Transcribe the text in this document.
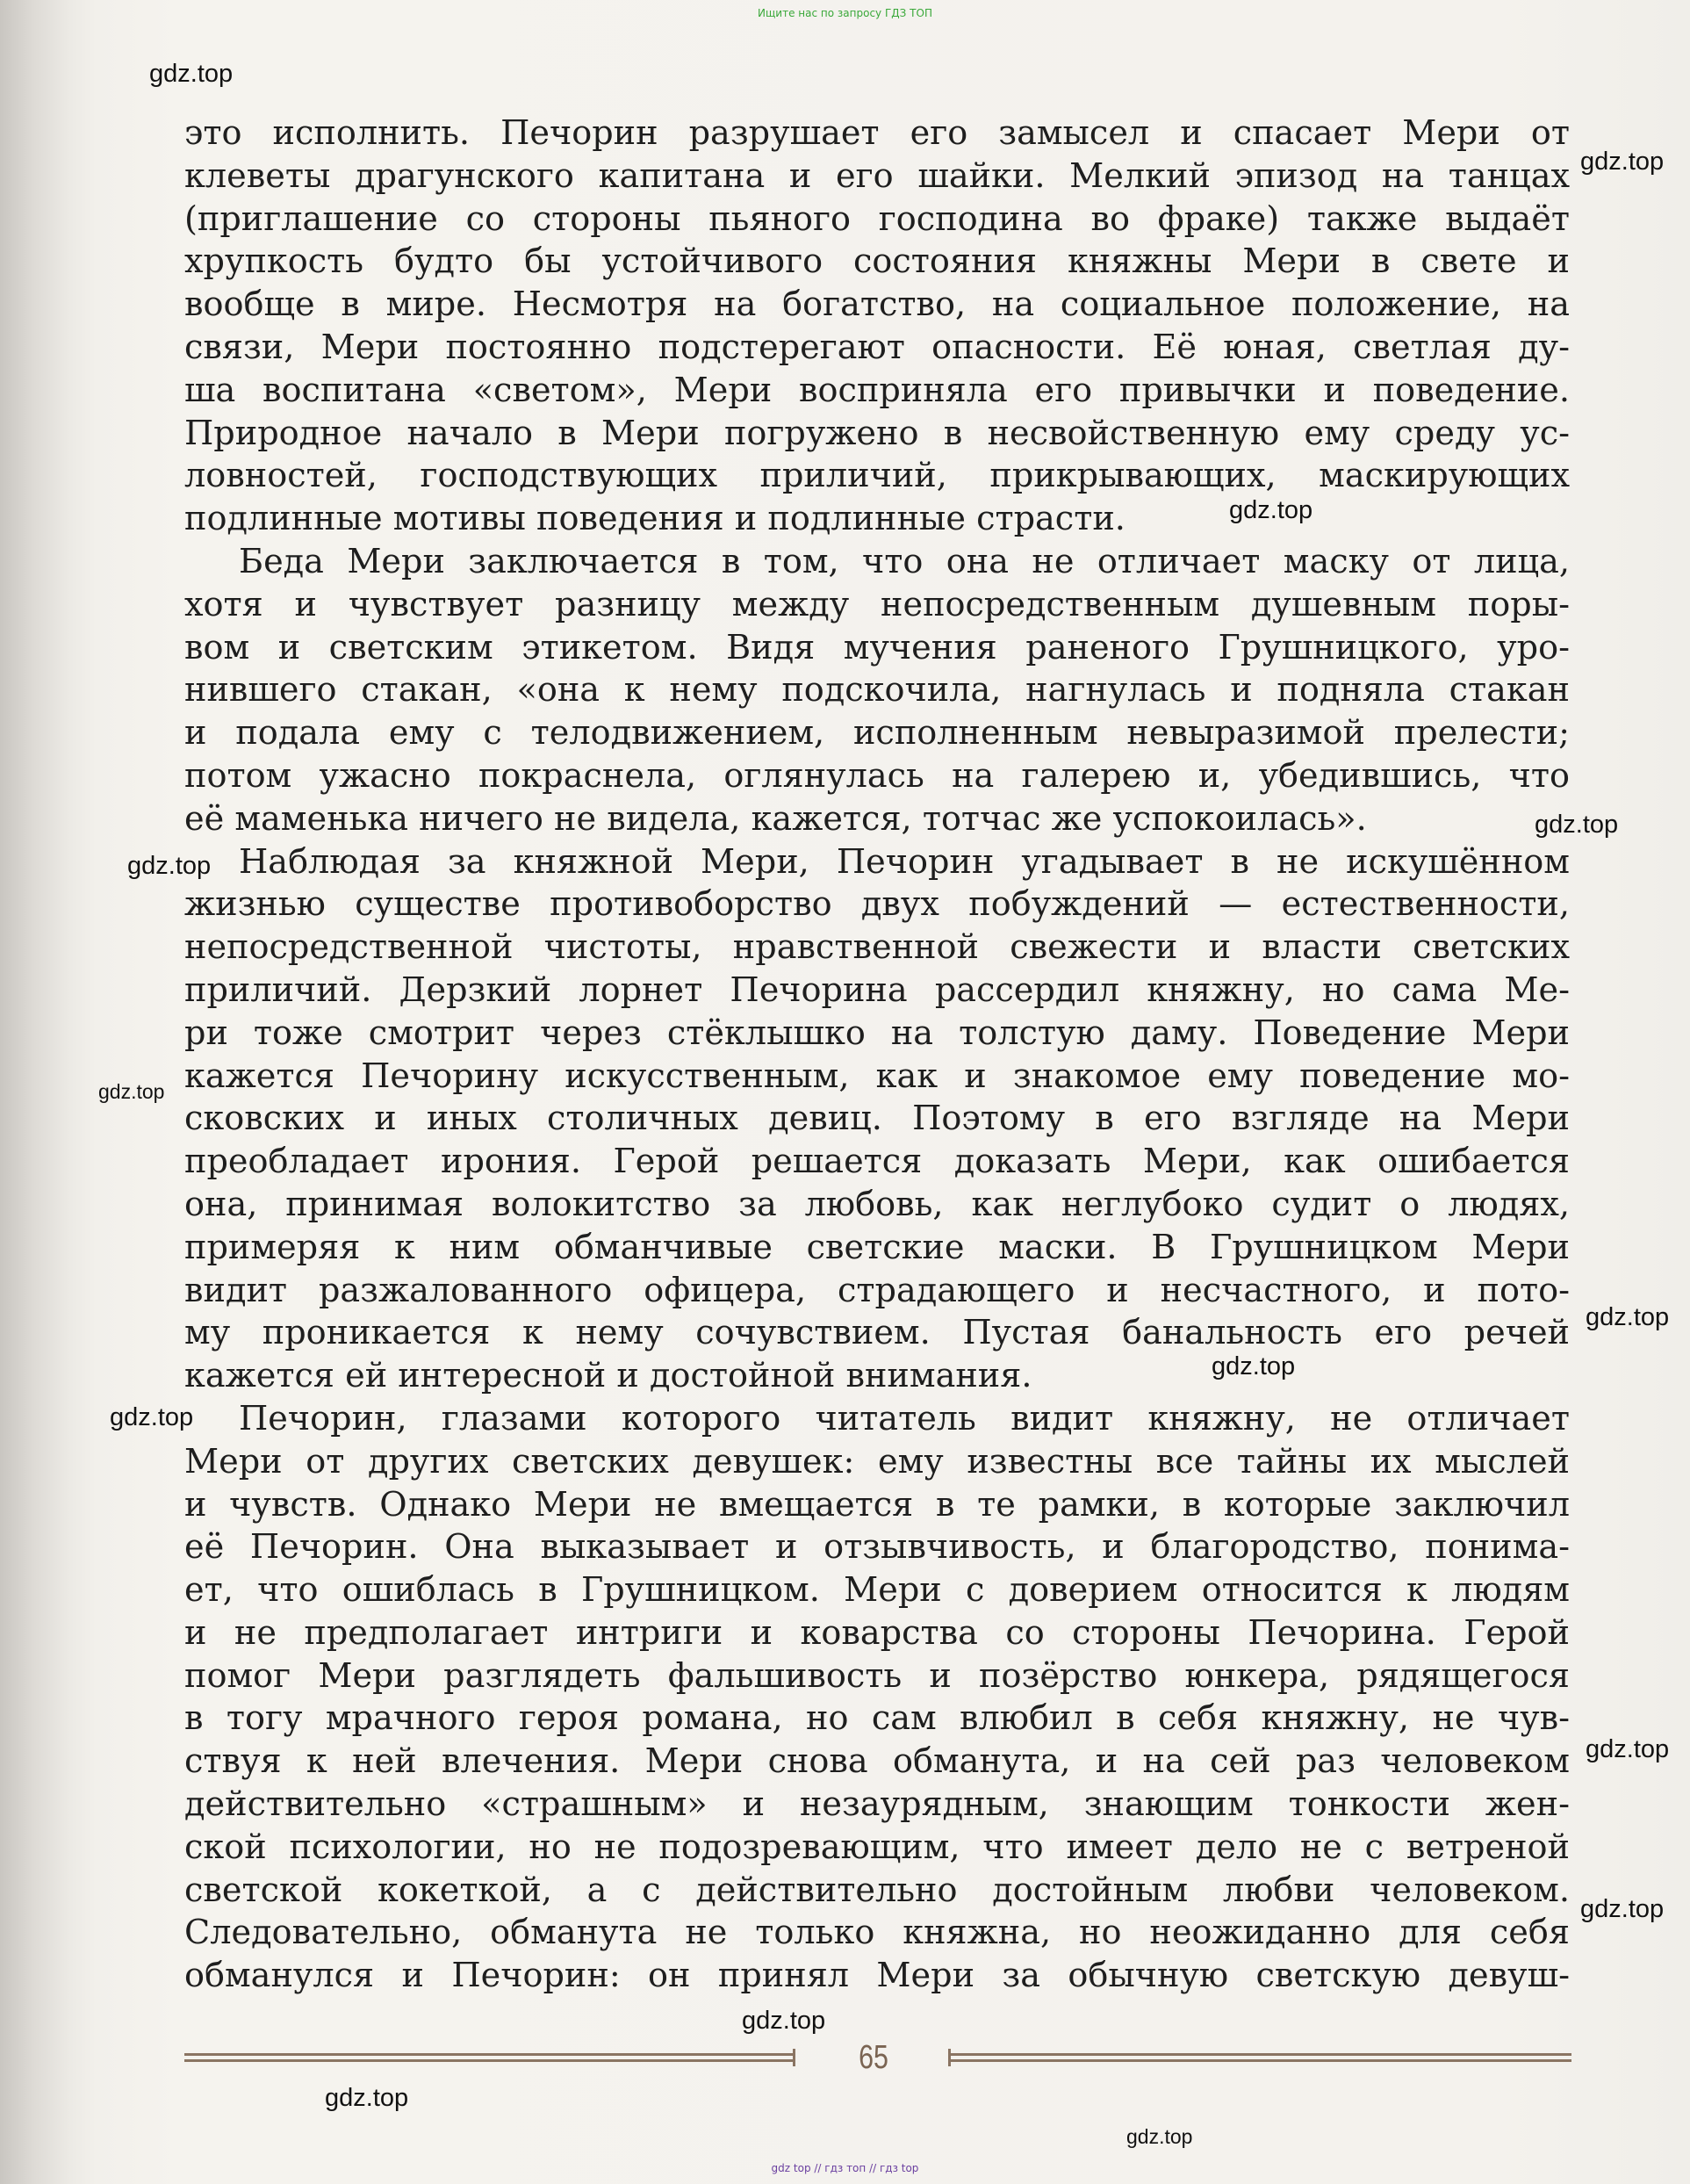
Ищите нас по запросу ГДЗ ТОП
gdz.top
gdz.top
gdz.top
gdz.top
gdz.top
gdz.top
gdz.top
gdz.top
gdz.top
gdz.top
gdz.top
gdz.top
gdz.top
gdz.top
это исполнить. Печорин разрушает его замысел и спасает Мери от
клеветы драгунского капитана и его шайки. Мелкий эпизод на танцах
(приглашение со стороны пьяного господина во фраке) также выдаёт
хрупкость будто бы устойчивого состояния княжны Мери в свете и
вообще в мире. Несмотря на богатство, на социальное положение, на
связи, Мери постоянно подстерегают опасности. Её юная, светлая ду-
ша воспитана «светом», Мери восприняла его привычки и поведение.
Природное начало в Мери погружено в несвойственную ему среду ус-
ловностей, господствующих приличий, прикрывающих, маскирующих
подлинные мотивы поведения и подлинные страсти.
Беда Мери заключается в том, что она не отличает маску от лица,
хотя и чувствует разницу между непосредственным душевным поры-
вом и светским этикетом. Видя мучения раненого Грушницкого, уро-
нившего стакан, «она к нему подскочила, нагнулась и подняла стакан
и подала ему с телодвижением, исполненным невыразимой прелести;
потом ужасно покраснела, оглянулась на галерею и, убедившись, что
её маменька ничего не видела, кажется, тотчас же успокоилась».
Наблюдая за княжной Мери, Печорин угадывает в не искушённом
жизнью существе противоборство двух побуждений — естественности,
непосредственной чистоты, нравственной свежести и власти светских
приличий. Дерзкий лорнет Печорина рассердил княжну, но сама Ме-
ри тоже смотрит через стёклышко на толстую даму. Поведение Мери
кажется Печорину искусственным, как и знакомое ему поведение мо-
сковских и иных столичных девиц. Поэтому в его взгляде на Мери
преобладает ирония. Герой решается доказать Мери, как ошибается
она, принимая волокитство за любовь, как неглубоко судит о людях,
примеряя к ним обманчивые светские маски. В Грушницком Мери
видит разжалованного офицера, страдающего и несчастного, и пото-
му проникается к нему сочувствием. Пустая банальность его речей
кажется ей интересной и достойной внимания.
Печорин, глазами которого читатель видит княжну, не отличает
Мери от других светских девушек: ему известны все тайны их мыслей
и чувств. Однако Мери не вмещается в те рамки, в которые заключил
её Печорин. Она выказывает и отзывчивость, и благородство, понима-
ет, что ошиблась в Грушницком. Мери с доверием относится к людям
и не предполагает интриги и коварства со стороны Печорина. Герой
помог Мери разглядеть фальшивость и позёрство юнкера, рядящегося
в тогу мрачного героя романа, но сам влюбил в себя княжну, не чув-
ствуя к ней влечения. Мери снова обманута, и на сей раз человеком
действительно «страшным» и незаурядным, знающим тонкости жен-
ской психологии, но не подозревающим, что имеет дело не с ветреной
светской кокеткой, а с действительно достойным любви человеком.
Следовательно, обманута не только княжна, но неожиданно для себя
обманулся и Печорин: он принял Мери за обычную светскую девуш-
65
gdz top // гдз топ // гдз top
